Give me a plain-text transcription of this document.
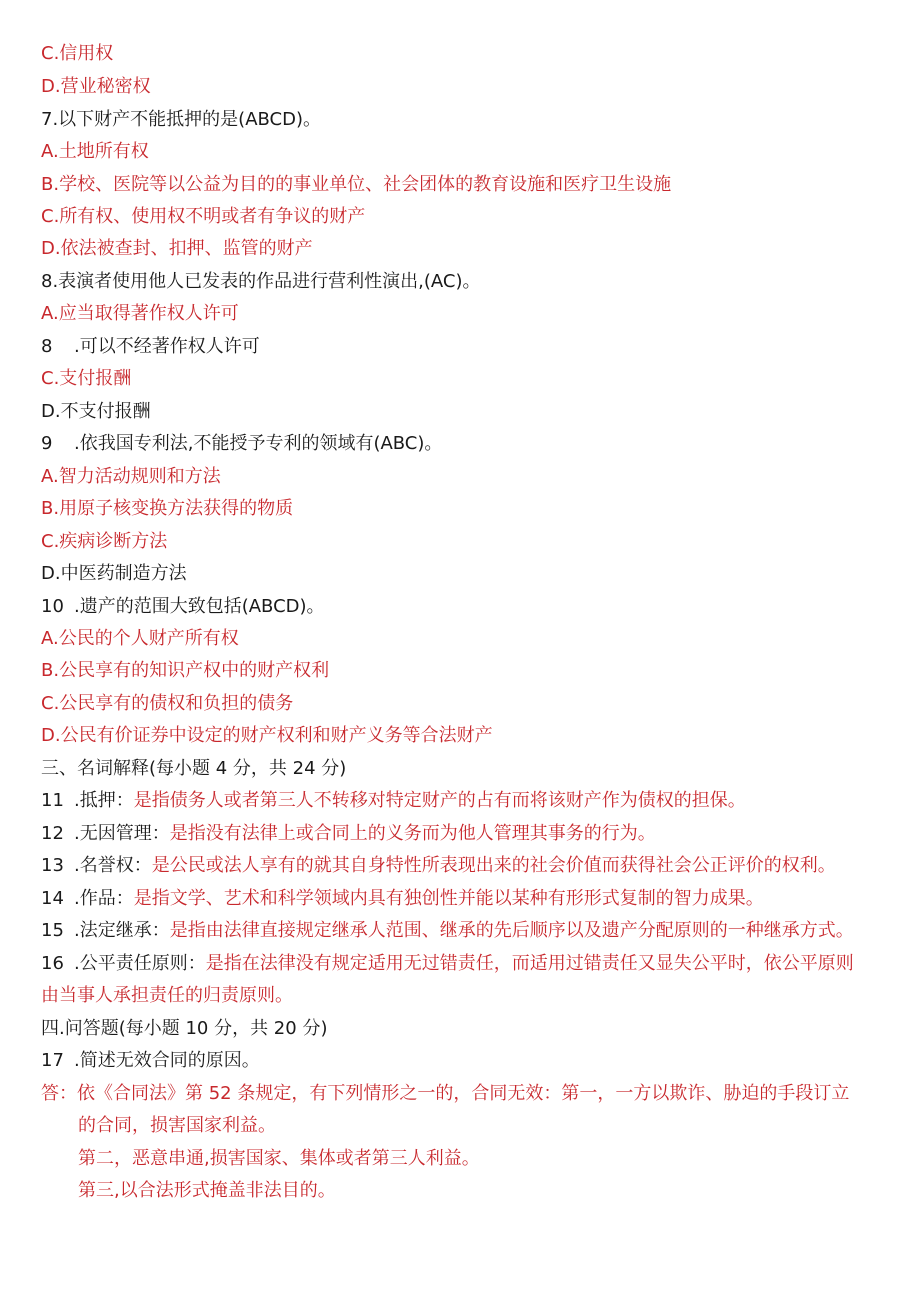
C.信用权
D.营业秘密权
7.以下财产不能抵押的是(ABCD)。
A.土地所有权
B.学校、医院等以公益为目的的事业单位、社会团体的教育设施和医疗卫生设施
C.所有权、使用权不明或者有争议的财产
D.依法被查封、扣押、监管的财产
8.表演者使用他人已发表的作品进行营利性演出,(AC)。
A.应当取得著作权人许可
8 .可以不经著作权人许可
C.支付报酬
D.不支付报酬
9 .依我国专利法,不能授予专利的领域有(ABC)。
A.智力活动规则和方法
B.用原子核变换方法获得的物质
C.疾病诊断方法
D.中医药制造方法
10 .遗产的范围大致包括(ABCD)。
A.公民的个人财产所有权
B.公民享有的知识产权中的财产权利
C.公民享有的债权和负担的债务
D.公民有价证券中设定的财产权利和财产义务等合法财产
三、名词解释(每小题 4 分，共 24 分)
11 .抵押：是指债务人或者第三人不转移对特定财产的占有而将该财产作为债权的担保。
12 .无因管理：是指没有法律上或合同上的义务而为他人管理其事务的行为。
13 .名誉权：是公民或法人享有的就其自身特性所表现出来的社会价值而获得社会公正评价的权利。
14 .作品：是指文学、艺术和科学领域内具有独创性并能以某种有形形式复制的智力成果。
15 .法定继承：是指由法律直接规定继承人范围、继承的先后顺序以及遗产分配原则的一种继承方式。
16 .公平责任原则：是指在法律没有规定适用无过错责任，而适用过错责任又显失公平时，依公平原则
由当事人承担责任的归责原则。
四.问答题(每小题 10 分，共 20 分)
17 .简述无效合同的原因。
答：依《合同法》第 52 条规定，有下列情形之一的，合同无效：第一，一方以欺诈、胁迫的手段订立
的合同，损害国家利益。
第二，恶意串通,损害国家、集体或者第三人利益。
第三,以合法形式掩盖非法目的。
